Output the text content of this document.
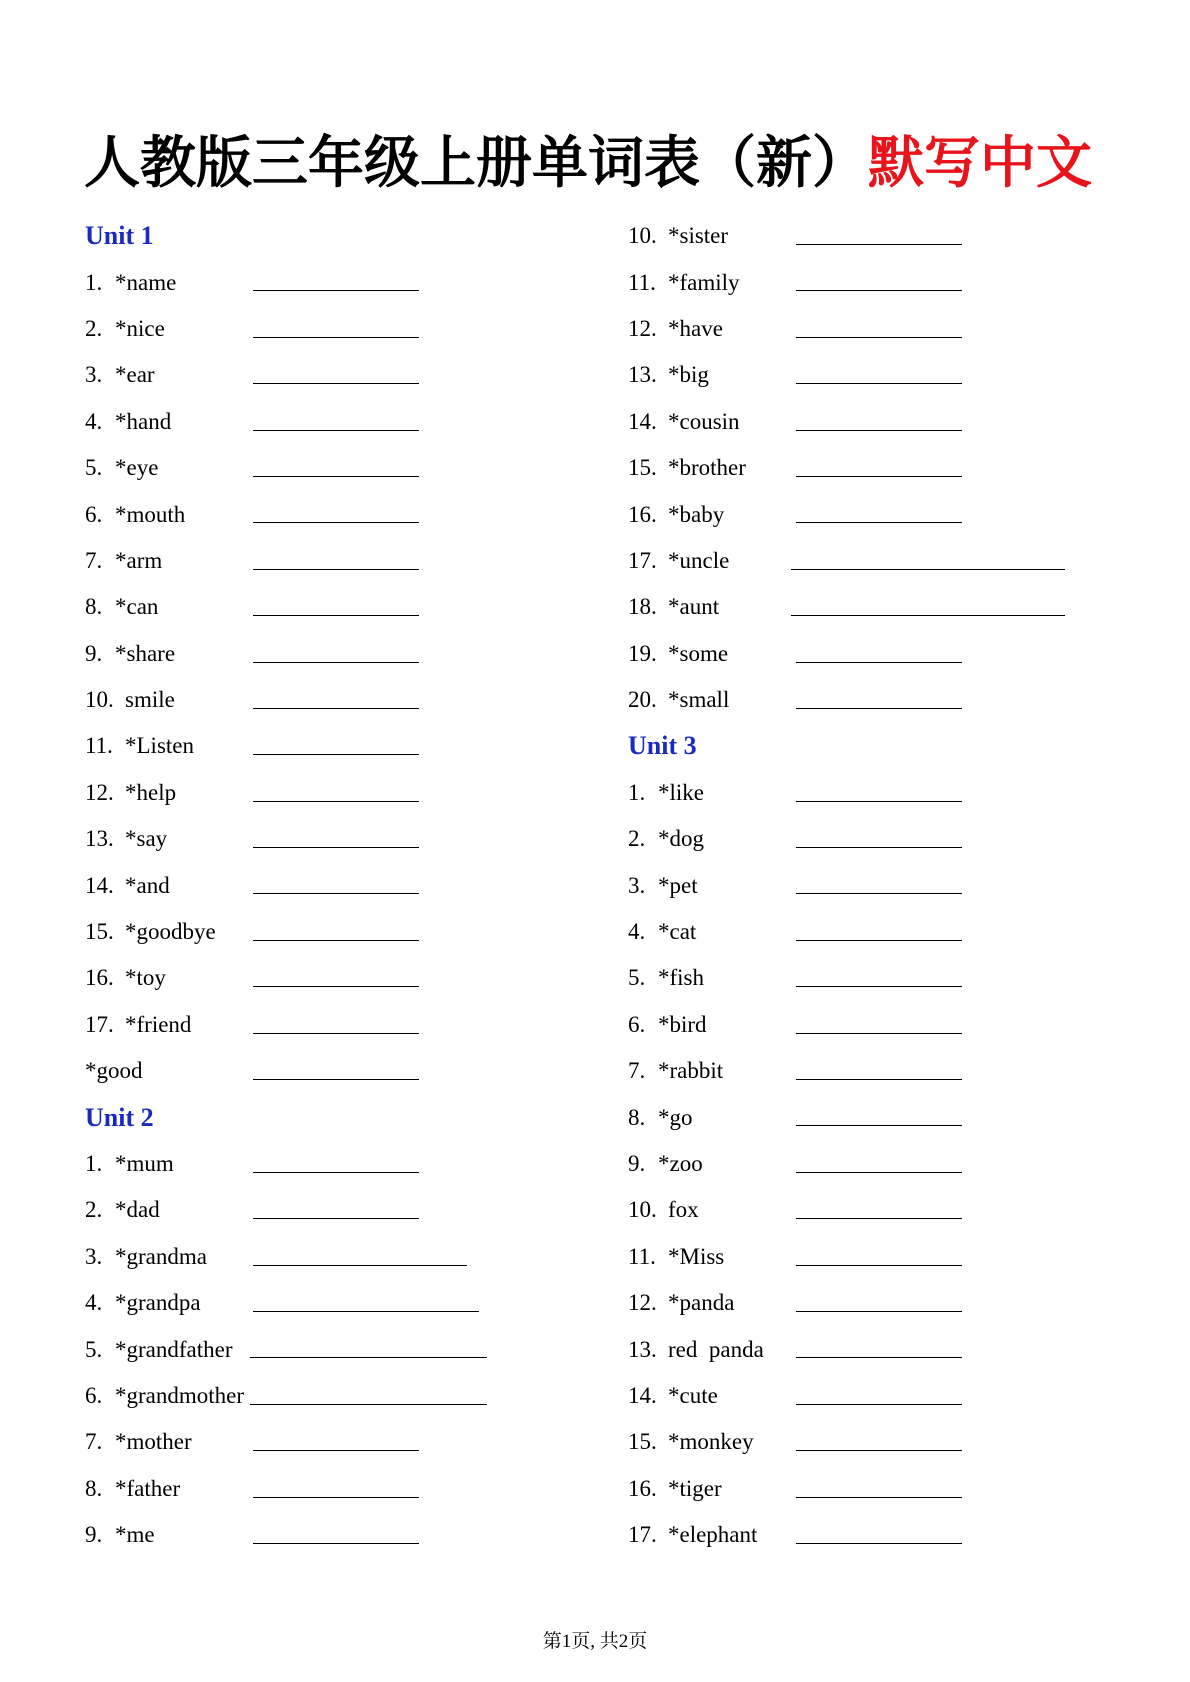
人教版三年级上册单词表（新）默写中文
Unit 1
1. *name
2. *nice
3. *ear
4. *hand
5. *eye
6. *mouth
7. *arm
8. *can
9. *share
10. smile
11. *Listen
12. *help
13. *say
14. *and
15. *goodbye
16. *toy
17. *friend
*good
Unit 2
1. *mum
2. *dad
3. *grandma
4. *grandpa
5. *grandfather
6. *grandmother
7. *mother
8. *father
9. *me
10. *sister
11. *family
12. *have
13. *big
14. *cousin
15. *brother
16. *baby
17. *uncle
18. *aunt
19. *some
20. *small
Unit 3
1. *like
2. *dog
3. *pet
4. *cat
5. *fish
6. *bird
7. *rabbit
8. *go
9. *zoo
10. fox
11. *Miss
12. *panda
13. red  panda
14. *cute
15. *monkey
16. *tiger
17. *elephant
第1页, 共2页
